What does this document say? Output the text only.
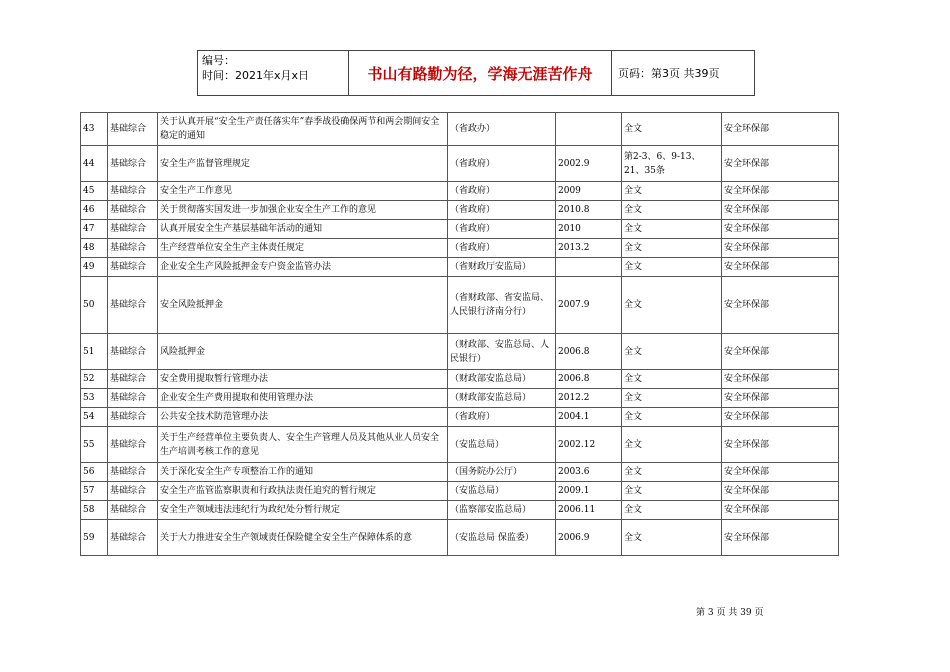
编号：
时间：2021年x月x日	书山有路勤为径，学海无涯苦作舟	页码：第3页 共39页
43	基础综合	关于认真开展“安全生产责任落实年”春季战役确保两节和两会期间安全稳定的通知	（省政办）		全文	安全环保部
44	基础综合	安全生产监督管理规定	（省政府）	2002.9	第2-3、6、9-13、21、35条	安全环保部
45	基础综合	安全生产工作意见	（省政府）	2009	全文	安全环保部
46	基础综合	关于贯彻落实国发进一步加强企业安全生产工作的意见	（省政府）	2010.8	全文	安全环保部
47	基础综合	认真开展安全生产基层基础年活动的通知	（省政府）	2010	全文	安全环保部
48	基础综合	生产经营单位安全生产主体责任规定	（省政府）	2013.2	全文	安全环保部
49	基础综合	企业安全生产风险抵押金专户资金监管办法	（省财政厅安监局）		全文	安全环保部
50	基础综合	安全风险抵押金	（省财政部、省安监局、人民银行济南分行）	2007.9	全文	安全环保部
51	基础综合	风险抵押金	（财政部、安监总局、人民银行）	2006.8	全文	安全环保部
52	基础综合	安全费用提取暂行管理办法	（财政部安监总局）	2006.8	全文	安全环保部
53	基础综合	企业安全生产费用提取和使用管理办法	（财政部安监总局）	2012.2	全文	安全环保部
54	基础综合	公共安全技术防范管理办法	（省政府）	2004.1	全文	安全环保部
55	基础综合	关于生产经营单位主要负责人、安全生产管理人员及其他从业人员安全生产培训考核工作的意见	（安监总局）	2002.12	全文	安全环保部
56	基础综合	关于深化安全生产专项整治工作的通知	（国务院办公厅）	2003.6	全文	安全环保部
57	基础综合	安全生产监管监察职责和行政执法责任追究的暂行规定	（安监总局）	2009.1	全文	安全环保部
58	基础综合	安全生产领域违法违纪行为政纪处分暂行规定	（监察部安监总局）	2006.11	全文	安全环保部
59	基础综合	关于大力推进安全生产领域责任保险健全安全生产保障体系的意	（安监总局 保监委）	2006.9	全文	安全环保部
第 3 页 共 39 页
